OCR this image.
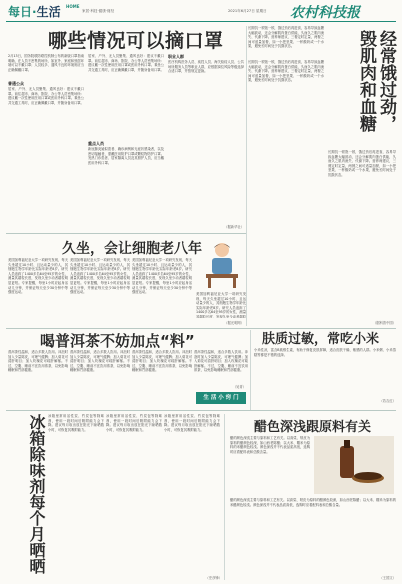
每日·生活 HOME
家居·科技·健康·财经	2021年6月27日 星期日 农村科技报
哪些情况可以摘口罩
2月13日，国务院联防联控机制公布的新版口罩指南明确，在人员不密集的场所，如室外、家庭和独居环境可以不戴口罩；人员较多、通风不良的环境则应当正确佩戴口罩。
普通公众
居家、户外、无人员聚集、通风良好：建议不戴口罩。前往超市、商场、影院、办公等人员密集场所：建议戴一次性使用医用口罩或医用外科口罩。乘坐公共交通工具时，应正确佩戴口罩，并随身备用口罩。
居家、户外、无人员聚集、通风良好：建议不戴口罩。前往超市、商场、影院、办公等人员密集场所：建议戴一次性使用医用口罩或医用外科口罩。乘坐公共交通工具时，应正确佩戴口罩，并随身备用口罩。
重点人员
新冠肺炎疑似患者、确诊病例和无症状感染者，以及密切接触者，需戴医用防护口罩或颗粒物防护口罩。发热门诊患者、居家隔离人员及其照护人员，应当戴医用外科口罩。
职业人群
医疗机构医务人员、疾控人员、海关检疫人员、公共场所服务人员等职业人群，应根据岗位风险等级选择合适口罩，并按规定更换。
（据新华社）
长期饥一顿饱一顿，饿过劲后再进食，容易导致血糖大幅波动，还会分解肌肉蛋白供能，久而久之肌肉流失、代谢下降。营养师建议，三餐定时定量，两餐之间可适量加餐，如一小把坚果、一杯酸奶或一个水果，避免长时间处于饥饿状态。
长期饥一顿饱一顿，饿过劲后再进食，容易导致血糖大幅波动，还会分解肌肉蛋白供能，久而久之肌肉流失、代谢下降。营养师建议，三餐定时定量，两餐之间可适量加餐，如一小把坚果、一杯酸奶或一个水果，避免长时间处于饥饿状态。
长期饥一顿饱一顿，饿过劲后再进食，容易导致血糖大幅波动，还会分解肌肉蛋白供能，久而久之肌肉流失、代谢下降。营养师建议，三餐定时定量，两餐之间可适量加餐，如一小把坚果、一杯酸奶或一个水果，避免长时间处于饥饿状态。
（据科普中国）
经常饿过劲，毁肌肉和血糖
久坐，会让细胞老八年
美国加利福尼亚大学一项研究发现，每天久坐超过10小时、且运动量少的人，其细胞生物学年龄比实际年龄老8岁。研究人员追踪了1400多名64至95岁的女性，测量其端粒长度，发现久坐少动者端粒明显更短。专家提醒，每坐1小时应起身活动几分钟，并保证每天至少30分钟中等强度运动。
美国加利福尼亚大学一项研究发现，每天久坐超过10小时、且运动量少的人，其细胞生物学年龄比实际年龄老8岁。研究人员追踪了1400多名64至95岁的女性，测量其端粒长度，发现久坐少动者端粒明显更短。专家提醒，每坐1小时应起身活动几分钟，并保证每天至少30分钟中等强度运动。
美国加利福尼亚大学一项研究发现，每天久坐超过10小时、且运动量少的人，其细胞生物学年龄比实际年龄老8岁。研究人员追踪了1400多名64至95岁的女性，测量其端粒长度，发现久坐少动者端粒明显更短。专家提醒，每坐1小时应起身活动几分钟，并保证每天至少30分钟中等强度运动。	美国加利福尼亚大学一项研究发现，每天久坐超过10小时、且运动量少的人，其细胞生物学年龄比实际年龄老8岁。研究人员追踪了1400多名64至95岁的女性，测量其端粒长度，发现久坐少动者端粒
（据光明网）
肤质过敏，常吃小米
小米性凉，富含B族维生素，有助于修复皮肤屏障，适合皮肤干燥、敏感的人群。小米粥、小米蒸糕等都是不错的选择。
（若吉红）
喝普洱茶不妨加点“料”
普洱茶性温和，适合多数人饮用。冲泡时加入少量陈皮，可理气健脾；加入菊花可清肝明目；加入玫瑰花可疏肝解郁。不过，空腹、睡前不宜饮用浓茶，以免影响睡眠和胃部健康。
普洱茶性温和，适合多数人饮用。冲泡时加入少量陈皮，可理气健脾；加入菊花可清肝明目；加入玫瑰花可疏肝解郁。不过，空腹、睡前不宜饮用浓茶，以免影响睡眠和胃部健康。
普洱茶性温和，适合多数人饮用。冲泡时加入少量陈皮，可理气健脾；加入菊花可清肝明目；加入玫瑰花可疏肝解郁。不过，空腹、睡前不宜饮用浓茶，以免影响睡眠和胃部健康。
普洱茶性温和，适合多数人饮用。冲泡时加入少量陈皮，可理气健脾；加入菊花可清肝明目；加入玫瑰花可疏肝解郁。不过，空腹、睡前不宜饮用浓茶，以免影响睡眠和胃部健康。
（吴青）
生 活 小 窍 门
冰箱除味剂每个月晒晒 冰箱里常用活性炭、竹炭包等除味剂，使用一段时间后吸附能力会下降。建议每月取出放在阳光下晾晒数小时，可恢复其吸附能力。
冰箱里常用活性炭、竹炭包等除味剂，使用一段时间后吸附能力会下降。建议每月取出放在阳光下晾晒数小时，可恢复其吸附能力。
冰箱里常用活性炭、竹炭包等除味剂，使用一段时间后吸附能力会下降。建议每月取出放在阳光下晾晒数小时，可恢复其吸附能力。
（史彦锋）
醋色深浅跟原料有关
醋的颜色深浅主要与原料和工艺有关。以高粱、麸皮为原料的醋颜色较深，如山西老陈醋；以大米、糯米为原料的米醋颜色较浅。颜色深浅并不代表品质高低，选购时应看配料表和总酸含量。
醋的颜色深浅主要与原料和工艺有关。以高粱、麸皮为原料的醋颜色较深，如山西老陈醋；以大米、糯米为原料的米醋颜色较浅。颜色深浅并不代表品质高低，选购时应看配料表和总酸含量。
（王国文）
